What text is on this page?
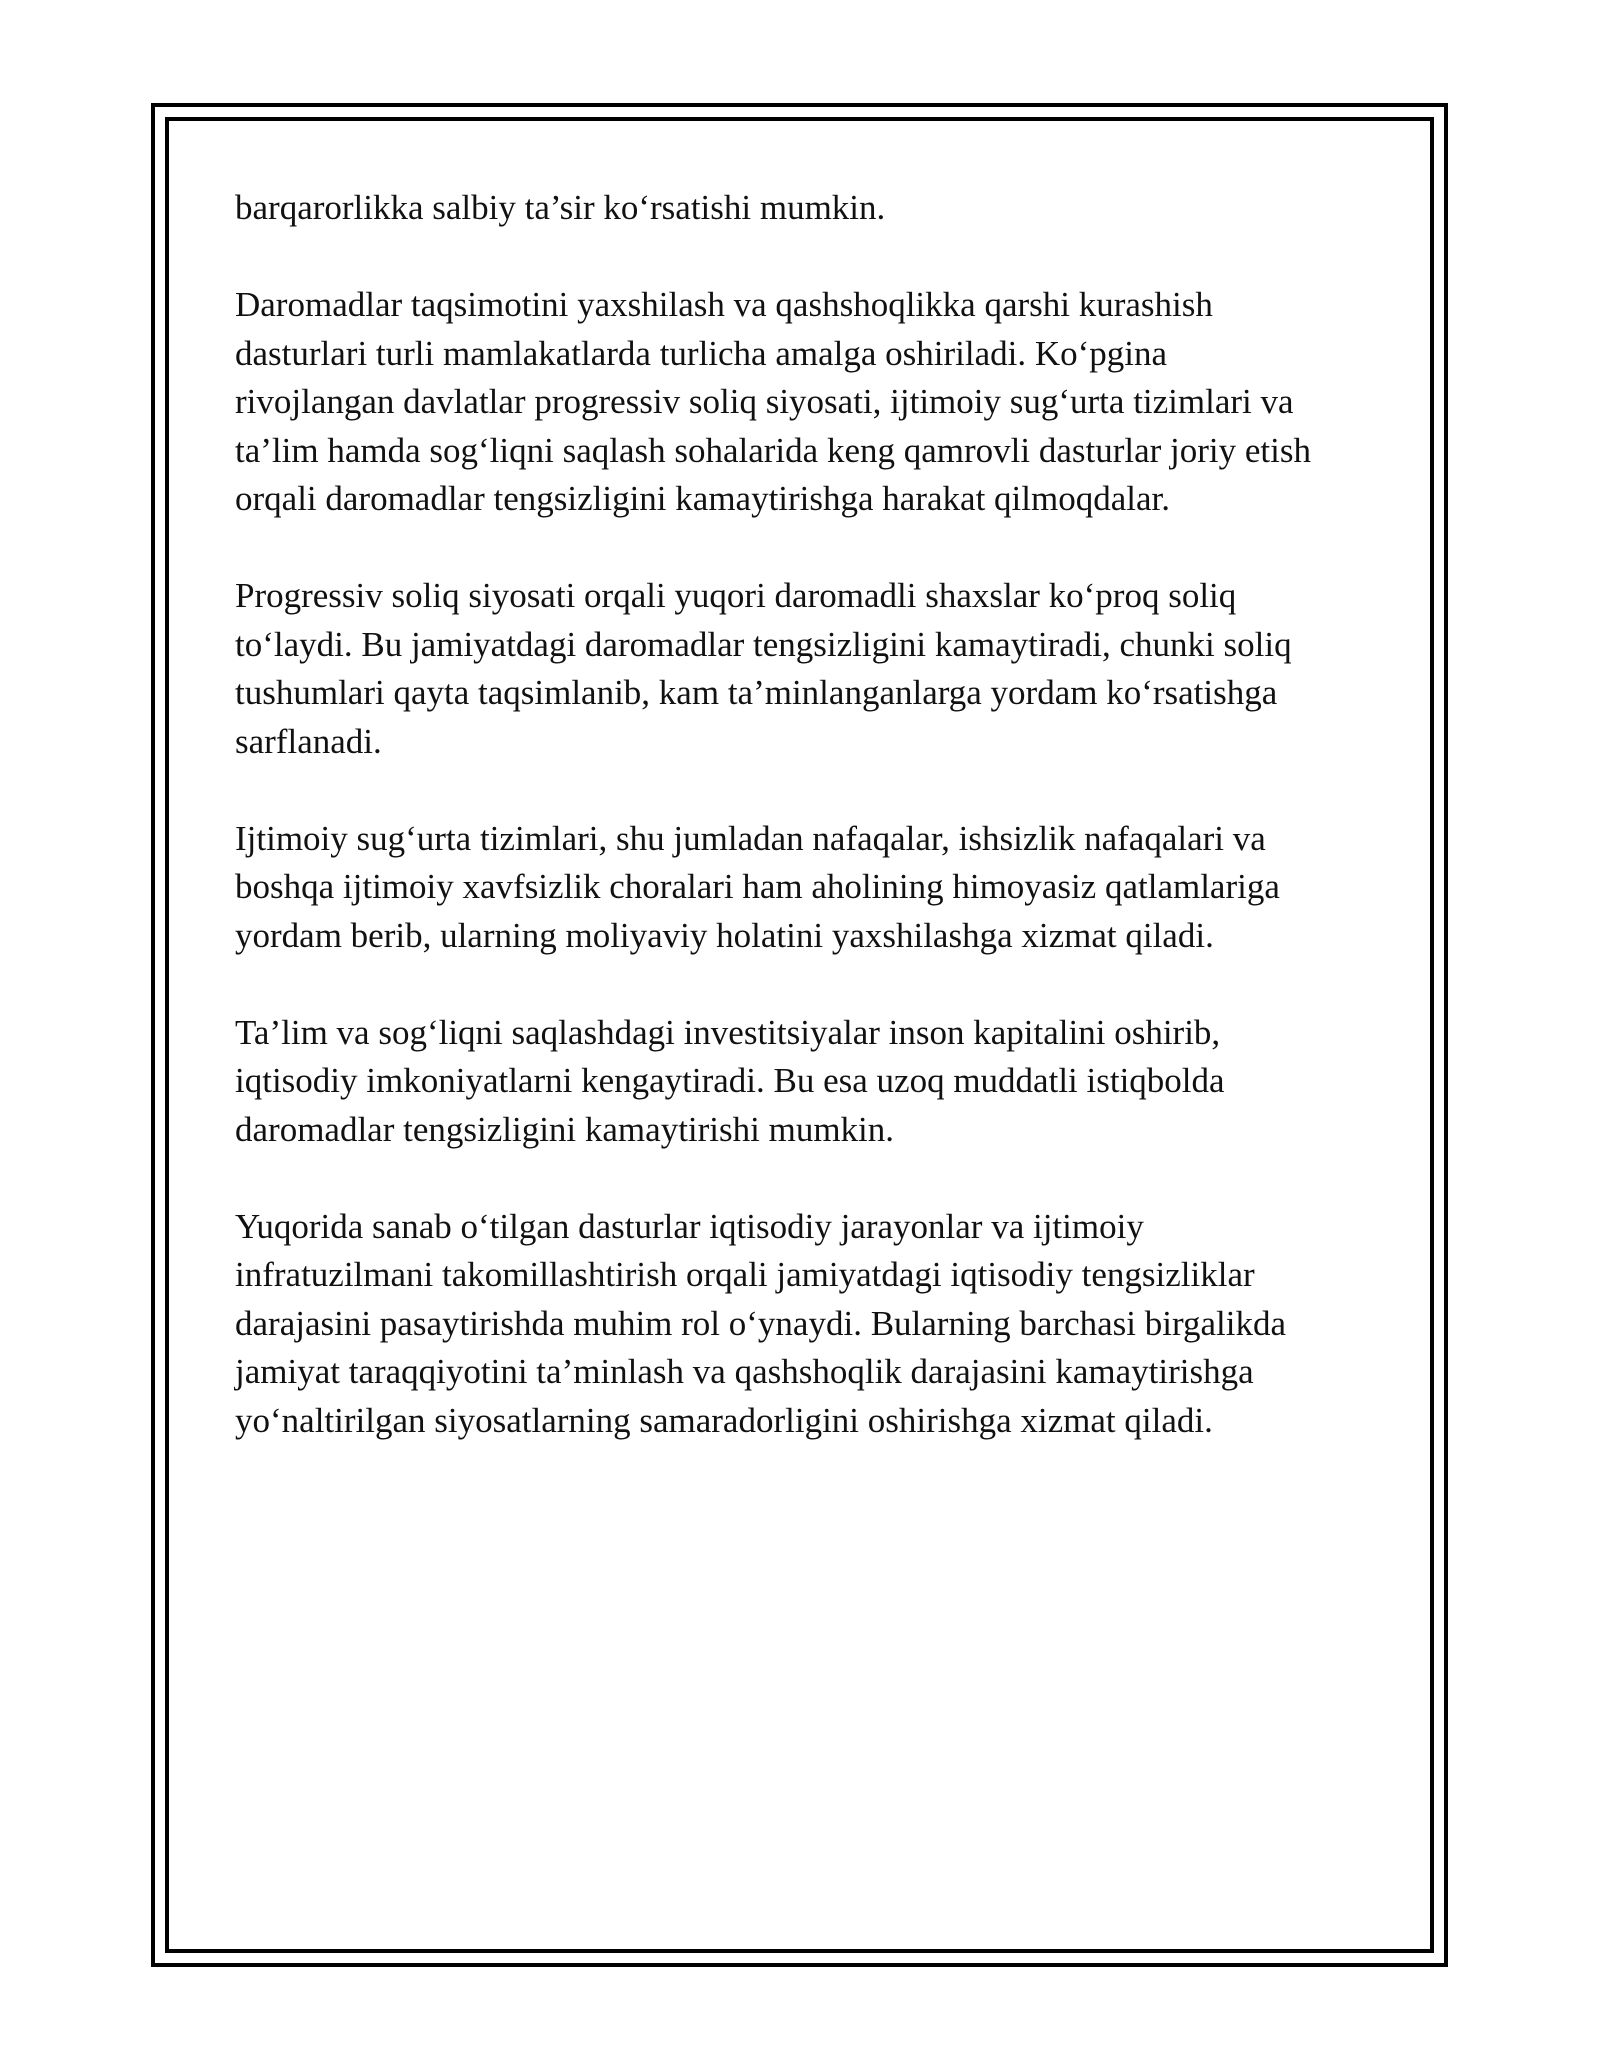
barqarorlikka salbiy ta’sir ko‘rsatishi mumkin.

Daromadlar taqsimotini yaxshilash va qashshoqlikka qarshi kurashish
dasturlari turli mamlakatlarda turlicha amalga oshiriladi. Ko‘pgina
rivojlangan davlatlar progressiv soliq siyosati, ijtimoiy sug‘urta tizimlari va
ta’lim hamda sog‘liqni saqlash sohalarida keng qamrovli dasturlar joriy etish
orqali daromadlar tengsizligini kamaytirishga harakat qilmoqdalar.

Progressiv soliq siyosati orqali yuqori daromadli shaxslar ko‘proq soliq
to‘laydi. Bu jamiyatdagi daromadlar tengsizligini kamaytiradi, chunki soliq
tushumlari qayta taqsimlanib, kam ta’minlanganlarga yordam ko‘rsatishga
sarflanadi.

Ijtimoiy sug‘urta tizimlari, shu jumladan nafaqalar, ishsizlik nafaqalari va
boshqa ijtimoiy xavfsizlik choralari ham aholining himoyasiz qatlamlariga
yordam berib, ularning moliyaviy holatini yaxshilashga xizmat qiladi.

Ta’lim va sog‘liqni saqlashdagi investitsiyalar inson kapitalini oshirib,
iqtisodiy imkoniyatlarni kengaytiradi. Bu esa uzoq muddatli istiqbolda
daromadlar tengsizligini kamaytirishi mumkin.

Yuqorida sanab o‘tilgan dasturlar iqtisodiy jarayonlar va ijtimoiy
infratuzilmani takomillashtirish orqali jamiyatdagi iqtisodiy tengsizliklar
darajasini pasaytirishda muhim rol o‘ynaydi. Bularning barchasi birgalikda
jamiyat taraqqiyotini ta’minlash va qashshoqlik darajasini kamaytirishga
yo‘naltirilgan siyosatlarning samaradorligini oshirishga xizmat qiladi.
